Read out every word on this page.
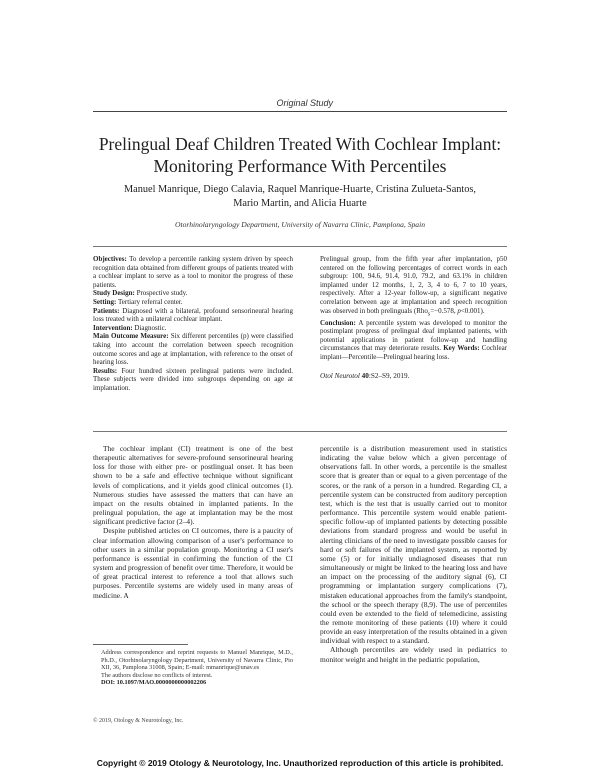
Original Study
Prelingual Deaf Children Treated With Cochlear Implant:
Monitoring Performance With Percentiles
Manuel Manrique, Diego Calavia, Raquel Manrique-Huarte, Cristina Zulueta-Santos,
Mario Martin, and Alicia Huarte
Otorhinolaryngology Department, University of Navarra Clinic, Pamplona, Spain

Objectives: To develop a percentile ranking system driven by speech recognition data obtained from different groups of patients treated with a cochlear implant to serve as a tool to monitor the progress of these patients.

Study Design: Prospective study.

Setting: Tertiary referral center.

Patients: Diagnosed with a bilateral, profound sensorineural hearing loss treated with a unilateral cochlear implant.

Intervention: Diagnostic.

Main Outcome Measure: Six different percentiles (p) were classified taking into account the correlation between speech recognition outcome scores and age at implantation, with reference to the onset of hearing loss.

Results: Four hundred sixteen prelingual patients were included. These subjects were divided into subgroups depending on age at implantation.

Prelingual group, from the fifth year after implantation, p50 centered on the following percentages of correct words in each subgroup: 100, 94.6, 91.4, 91.0, 79.2, and 63.1% in children implanted under 12 months, 1, 2, 3, 4 to 6, 7 to 10 years, respectively. After a 12-year follow-up, a significant negative correlation between age at implantation and speech recognition was observed in both prelinguals (Rho$_s$=−0.578, p<0.001).

Conclusion: A percentile system was developed to monitor the postimplant progress of prelingual deaf implanted patients, with potential applications in patient follow-up and handling circumstances that may deteriorate results. Key Words: Cochlear implant—Percentile—Prelingual hearing loss.

Otol Neurotol 40:S2–S9, 2019.

The cochlear implant (CI) treatment is one of the best therapeutic alternatives for severe-profound sensorineural hearing loss for those with either pre- or postlingual onset. It has been shown to be a safe and effective technique without significant levels of complications, and it yields good clinical outcomes (1). Numerous studies have assessed the matters that can have an impact on the results obtained in implanted patients. In the prelingual population, the age at implantation may be the most significant predictive factor (2–4).

Despite published articles on CI outcomes, there is a paucity of clear information allowing comparison of a user's performance to other users in a similar population group. Monitoring a CI user's performance is essential in confirming the function of the CI system and progression of benefit over time. Therefore, it would be of great practical interest to reference a tool that allows such purposes. Percentile systems are widely used in many areas of medicine. A

percentile is a distribution measurement used in statistics indicating the value below which a given percentage of observations fall. In other words, a percentile is the smallest score that is greater than or equal to a given percentage of the scores, or the rank of a person in a hundred. Regarding CI, a percentile system can be constructed from auditory perception test, which is the test that is usually carried out to monitor performance. This percentile system would enable patient-specific follow-up of implanted patients by detecting possible deviations from standard progress and would be useful in alerting clinicians of the need to investigate possible causes for hard or soft failures of the implanted system, as reported by some (5) or for initially undiagnosed diseases that run simultaneously or might be linked to the hearing loss and have an impact on the processing of the auditory signal (6), CI programming or implantation surgery complications (7), mistaken educational approaches from the family's standpoint, the school or the speech therapy (8,9). The use of percentiles could even be extended to the field of telemedicine, assisting the remote monitoring of these patients (10) where it could provide an easy interpretation of the results obtained in a given individual with respect to a standard.

Although percentiles are widely used in pediatrics to monitor weight and height in the pediatric population,

Address correspondence and reprint requests to Manuel Manrique, M.D., Ph.D., Otorhinolaryngology Department, University of Navarra Clinic, Pio XII, 36, Pamplona 31008, Spain; E-mail: mmanrique@unav.es

The authors disclose no conflicts of interest.

DOI: 10.1097/MAO.0000000000002206

© 2019, Otology & Neurotology, Inc.
Copyright © 2019 Otology & Neurotology, Inc. Unauthorized reproduction of this article is prohibited.
